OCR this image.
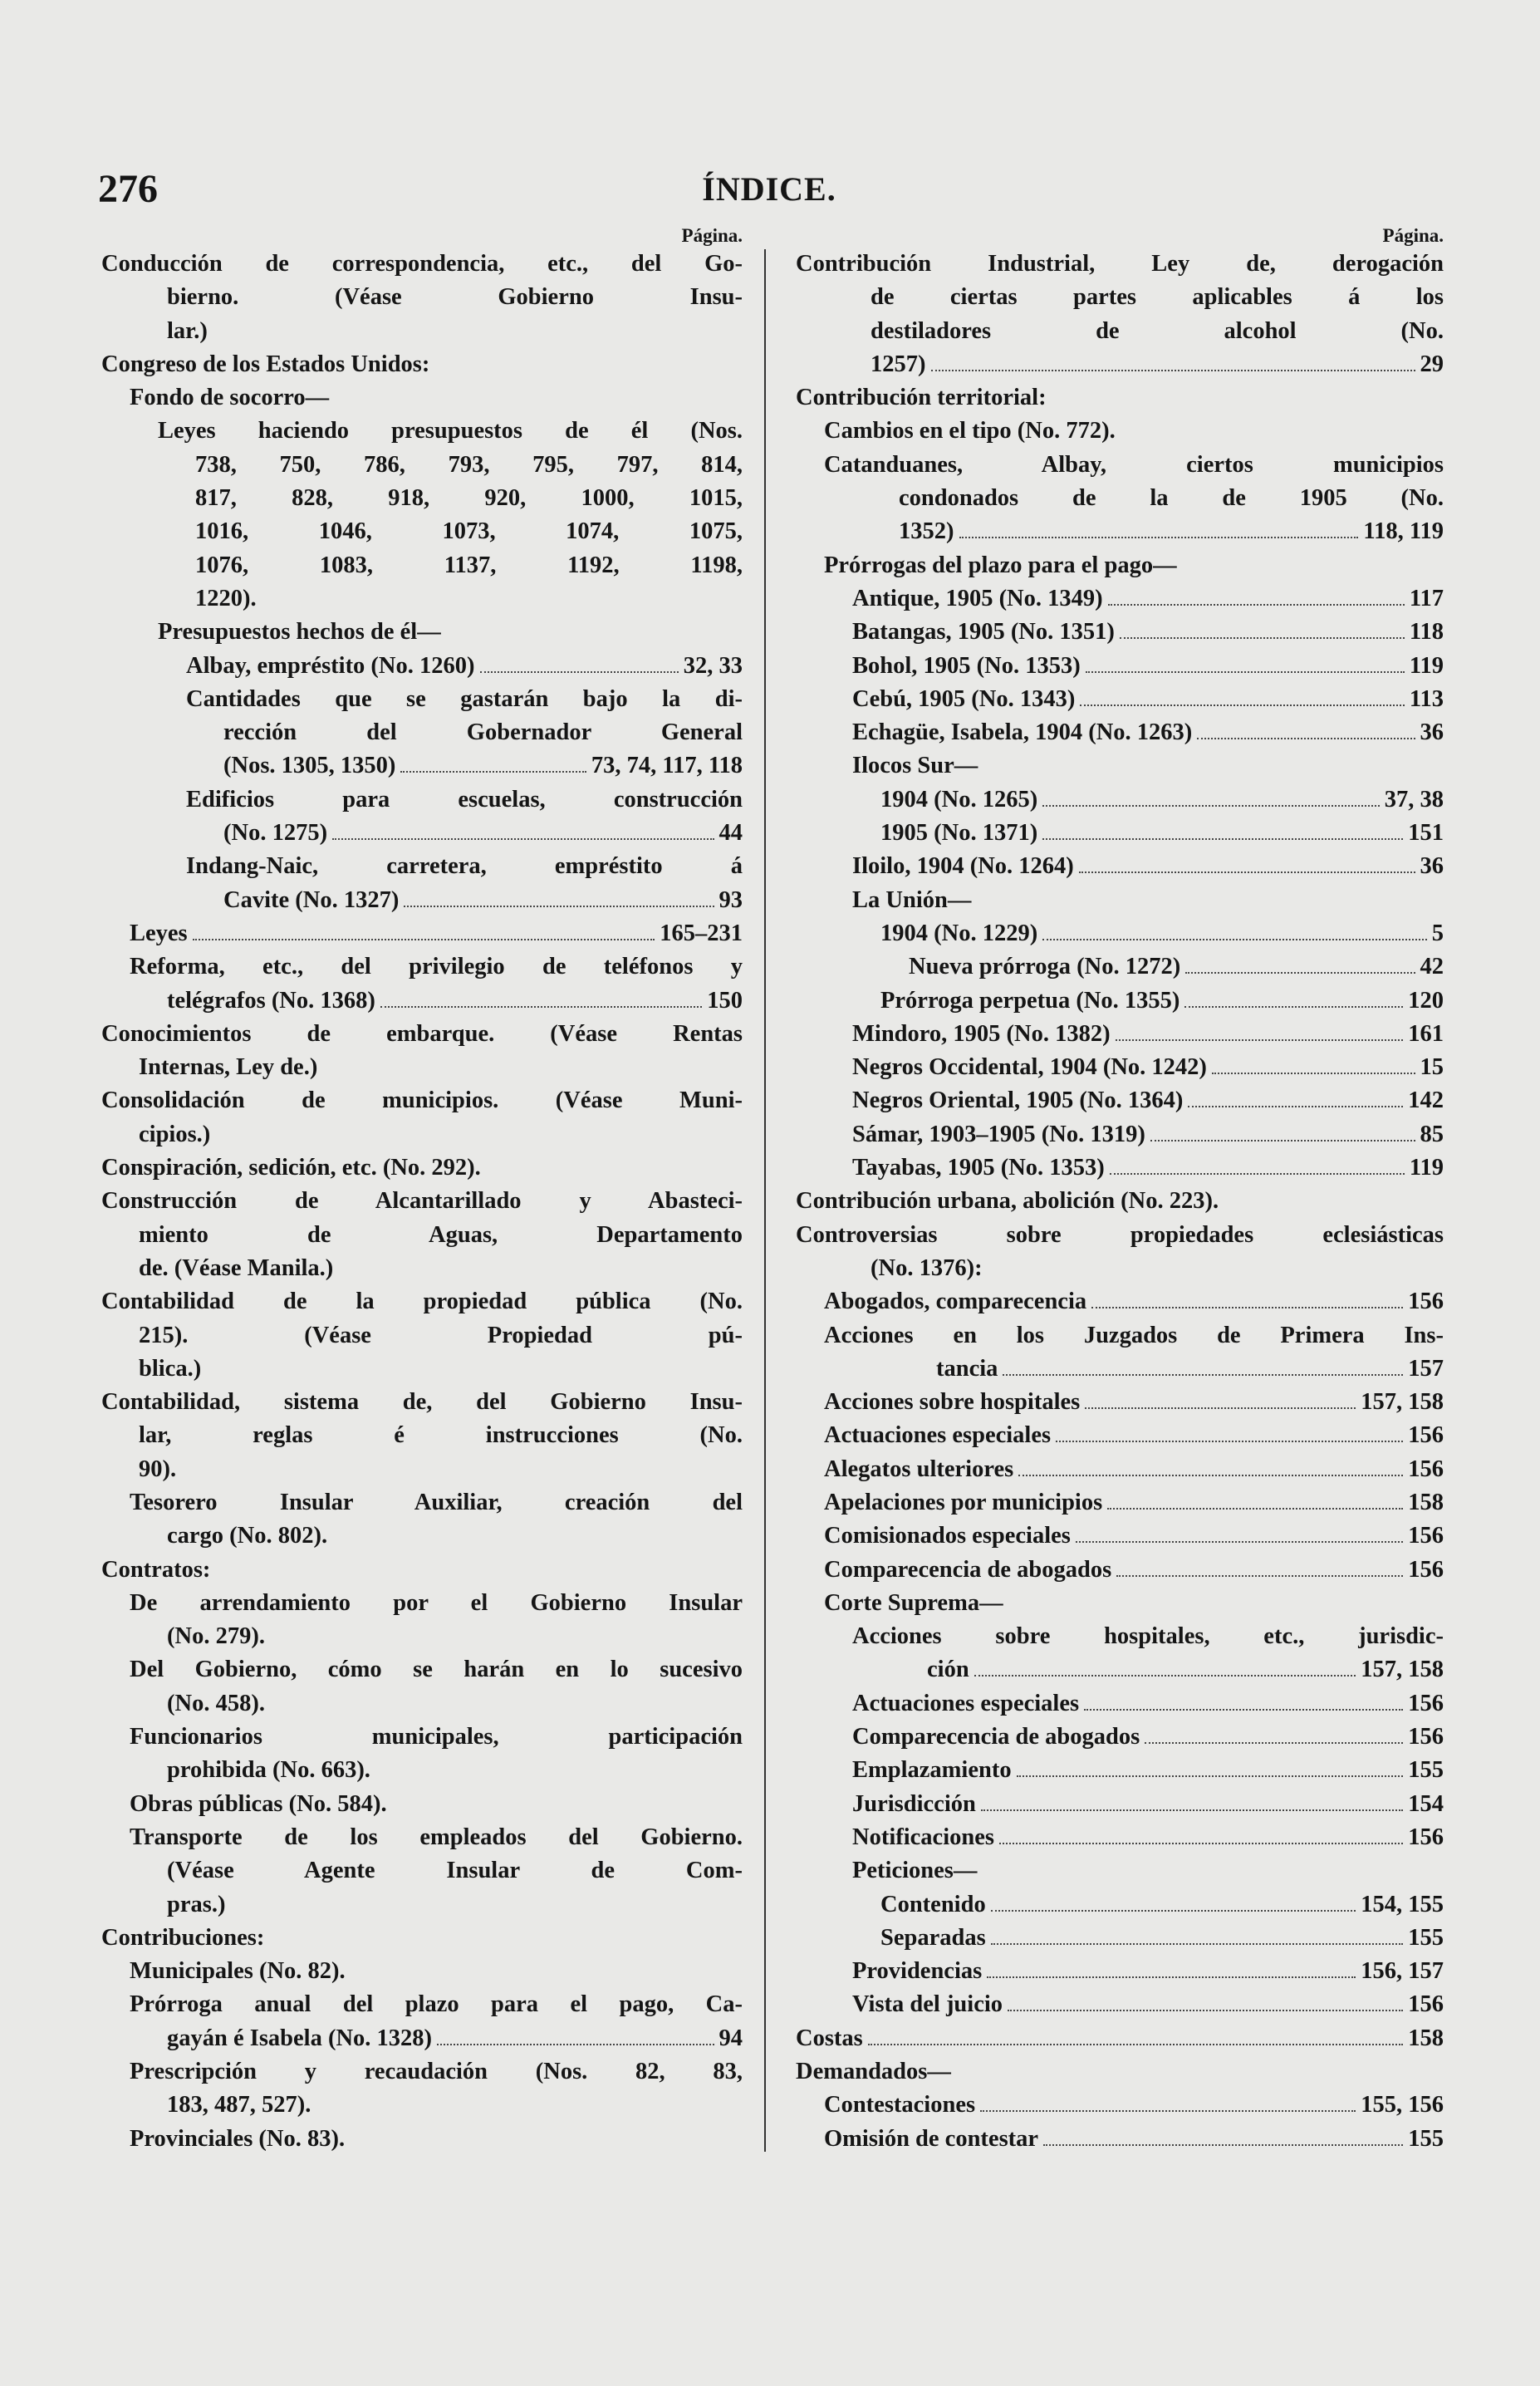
276	ÍNDICE.
Página.
Conducción de correspondencia, etc., del Go-
bierno. (Véase Gobierno Insu-
lar.)
Congreso de los Estados Unidos:
Fondo de socorro—
Leyes haciendo presupuestos de él (Nos.
738, 750, 786, 793, 795, 797, 814,
817, 828, 918, 920, 1000, 1015,
1016, 1046, 1073, 1074, 1075,
1076, 1083, 1137, 1192, 1198,
1220).
Presupuestos hechos de él—
Albay, empréstito (No. 1260)	32, 33
Cantidades que se gastarán bajo la di-
rección del Gobernador General
(Nos. 1305, 1350)	73, 74, 117, 118
Edificios para escuelas, construcción
(No. 1275)	44
Indang-Naic, carretera, empréstito á
Cavite (No. 1327)	93
Leyes	165–231
Reforma, etc., del privilegio de teléfonos y
telégrafos (No. 1368)	150
Conocimientos de embarque. (Véase Rentas
Internas, Ley de.)
Consolidación de municipios. (Véase Muni-
cipios.)
Conspiración, sedición, etc. (No. 292).
Construcción de Alcantarillado y Abasteci-
miento de Aguas, Departamento
de. (Véase Manila.)
Contabilidad de la propiedad pública (No.
215). (Véase Propiedad pú-
blica.)
Contabilidad, sistema de, del Gobierno Insu-
lar, reglas é instrucciones (No.
90).
Tesorero Insular Auxiliar, creación del
cargo (No. 802).
Contratos:
De arrendamiento por el Gobierno Insular
(No. 279).
Del Gobierno, cómo se harán en lo sucesivo
(No. 458).
Funcionarios municipales, participación
prohibida (No. 663).
Obras públicas (No. 584).
Transporte de los empleados del Gobierno.
(Véase Agente Insular de Com-
pras.)
Contribuciones:
Municipales (No. 82).
Prórroga anual del plazo para el pago, Ca-
gayán é Isabela (No. 1328)	94
Prescripción y recaudación (Nos. 82, 83,
183, 487, 527).
Provinciales (No. 83).
Página.
Contribución Industrial, Ley de, derogación
de ciertas partes aplicables á los
destiladores de alcohol (No.
1257)	29
Contribución territorial:
Cambios en el tipo (No. 772).
Catanduanes, Albay, ciertos municipios
condonados de la de 1905 (No.
1352)	118, 119
Prórrogas del plazo para el pago—
Antique, 1905 (No. 1349)	117
Batangas, 1905 (No. 1351)	118
Bohol, 1905 (No. 1353)	119
Cebú, 1905 (No. 1343)	113
Echagüe, Isabela, 1904 (No. 1263)	36
Ilocos Sur—
1904 (No. 1265)	37, 38
1905 (No. 1371)	151
Iloilo, 1904 (No. 1264)	36
La Unión—
1904 (No. 1229)	5
Nueva prórroga (No. 1272)	42
Prórroga perpetua (No. 1355)	120
Mindoro, 1905 (No. 1382)	161
Negros Occidental, 1904 (No. 1242)	15
Negros Oriental, 1905 (No. 1364)	142
Sámar, 1903–1905 (No. 1319)	85
Tayabas, 1905 (No. 1353)	119
Contribución urbana, abolición (No. 223).
Controversias sobre propiedades eclesiásticas
(No. 1376):
Abogados, comparecencia	156
Acciones en los Juzgados de Primera Ins-
tancia	157
Acciones sobre hospitales	157, 158
Actuaciones especiales	156
Alegatos ulteriores	156
Apelaciones por municipios	158
Comisionados especiales	156
Comparecencia de abogados	156
Corte Suprema—
Acciones sobre hospitales, etc., jurisdic-
ción	157, 158
Actuaciones especiales	156
Comparecencia de abogados	156
Emplazamiento	155
Jurisdicción	154
Notificaciones	156
Peticiones—
Contenido	154, 155
Separadas	155
Providencias	156, 157
Vista del juicio	156
Costas	158
Demandados—
Contestaciones	155, 156
Omisión de contestar	155
